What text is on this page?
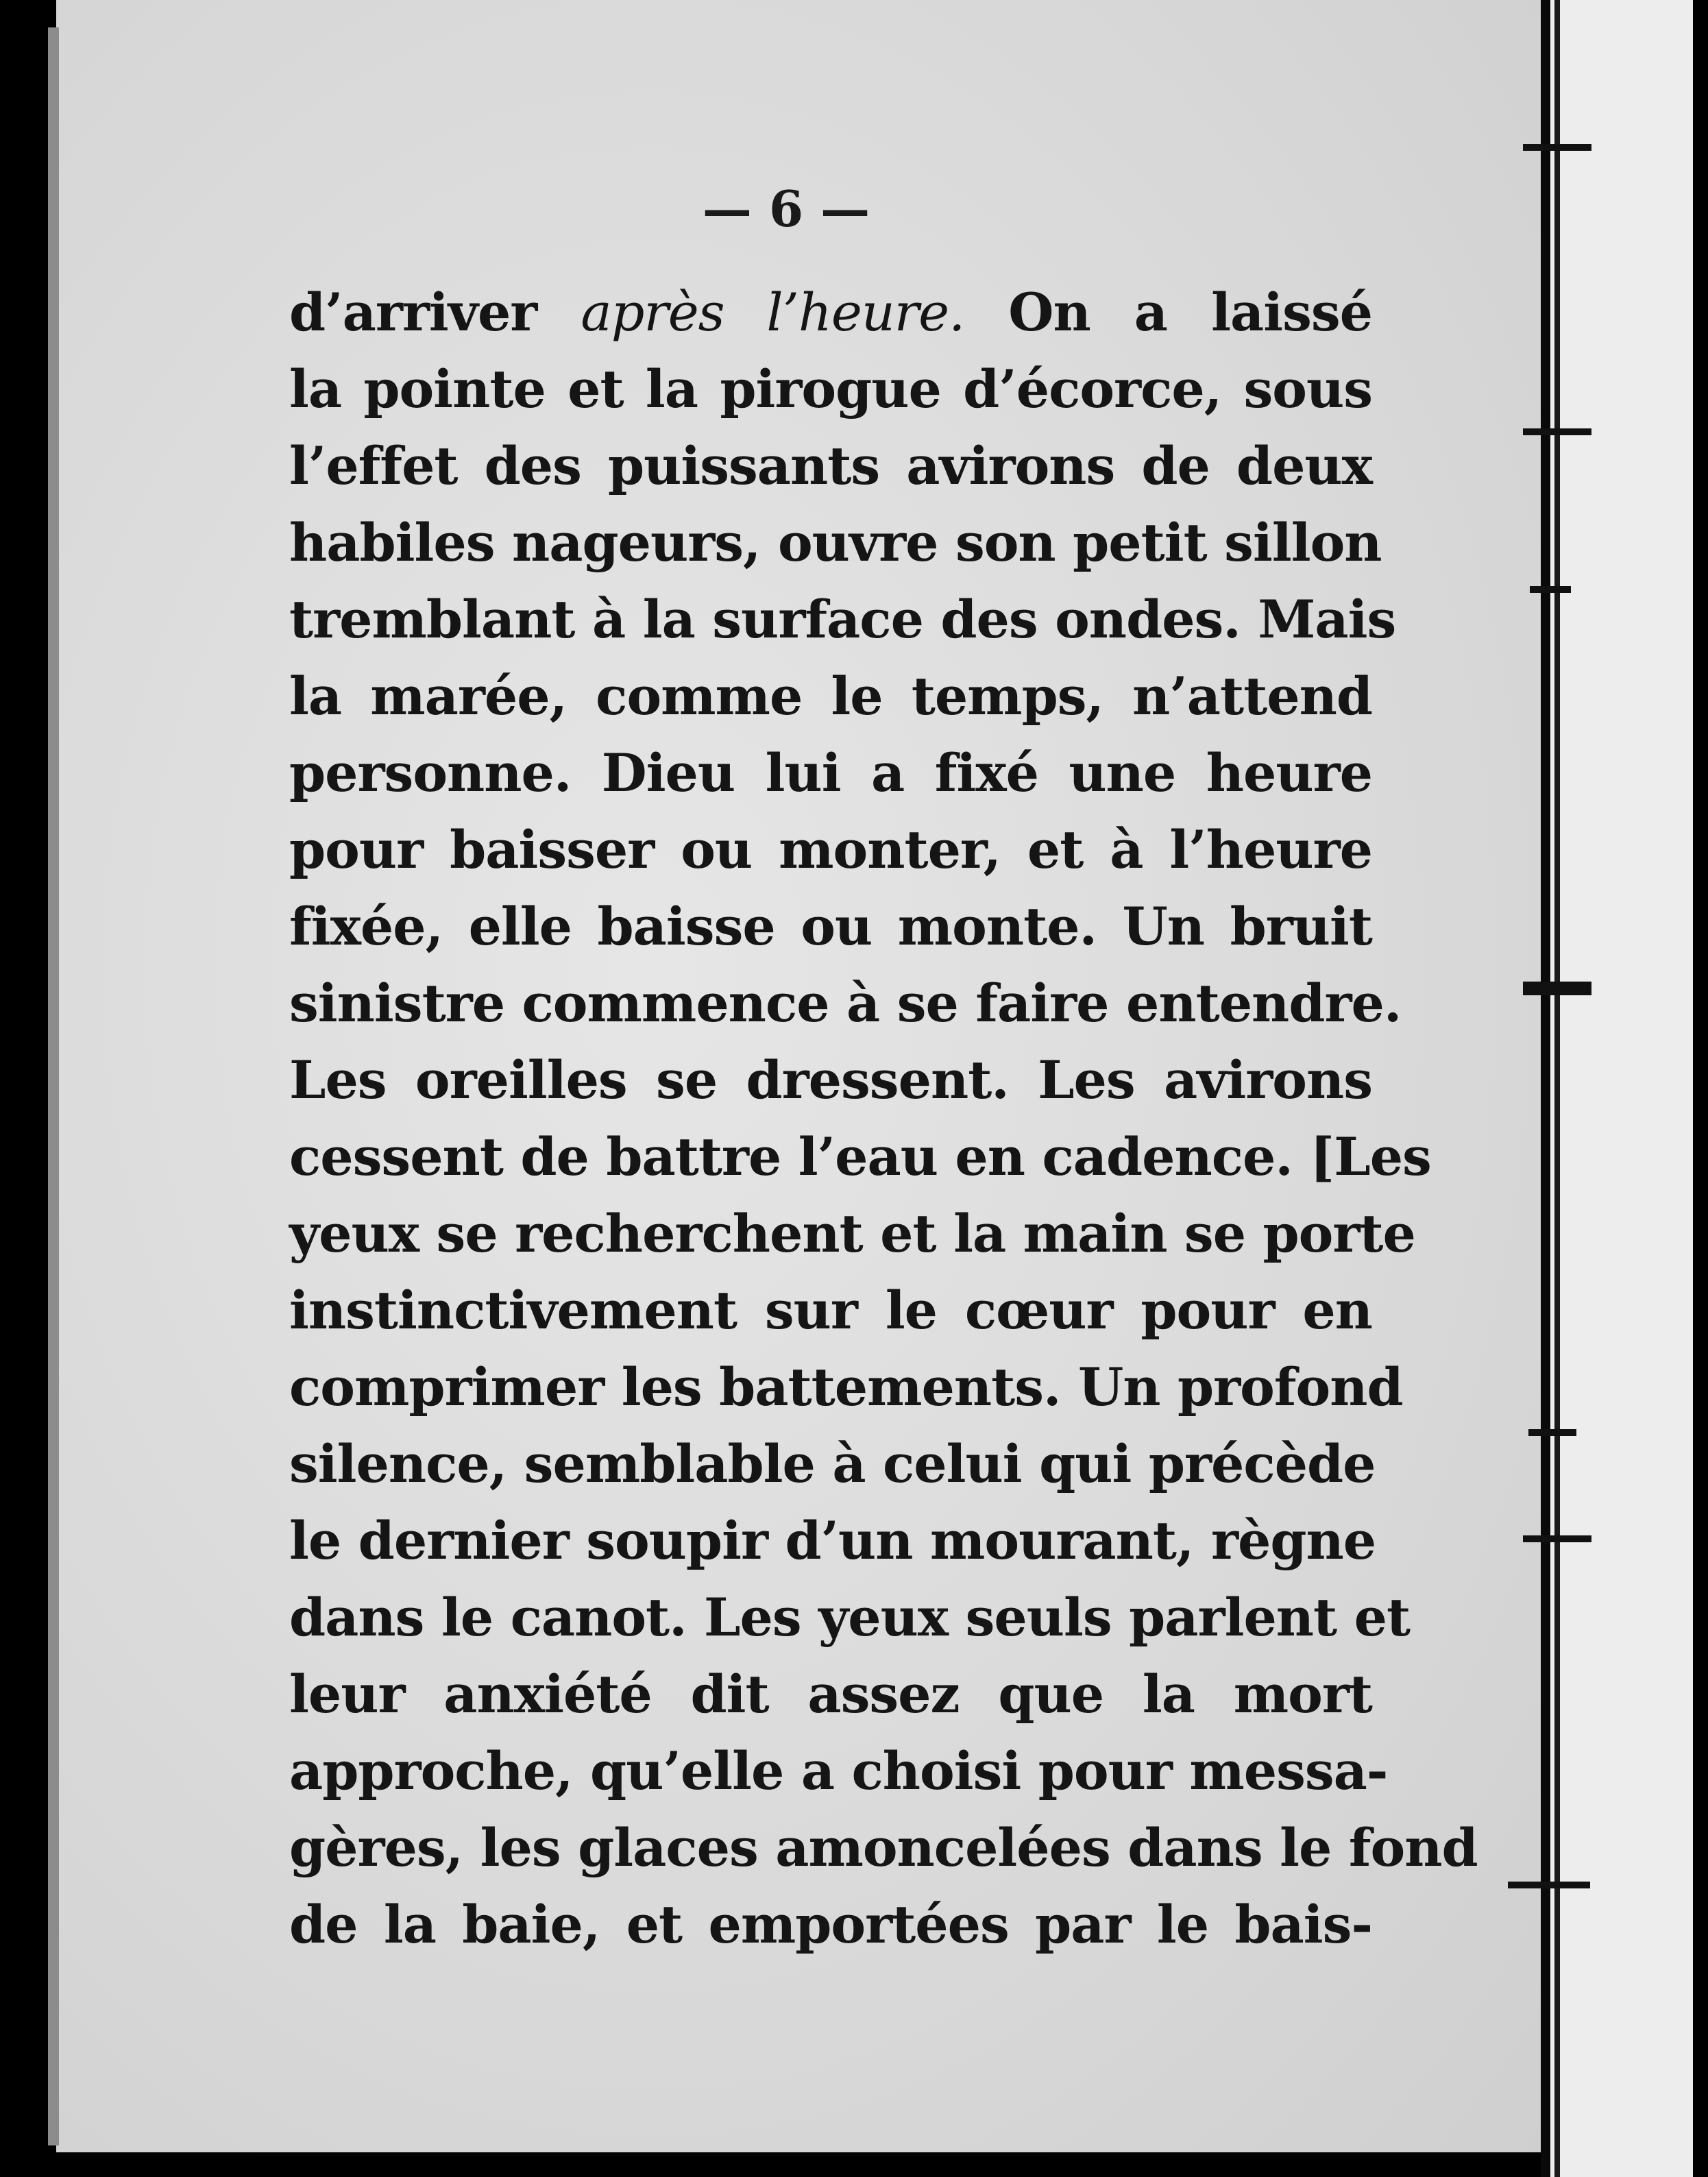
— 6 —
d’arriver après l’heure. On a laissé
la pointe et la pirogue d’écorce, sous
l’effet des puissants avirons de deux
habiles nageurs, ouvre son petit sillon
tremblant à la surface des ondes. Mais
la marée, comme le temps, n’attend
personne. Dieu lui a fixé une heure
pour baisser ou monter, et à l’heure
fixée, elle baisse ou monte. Un bruit
sinistre commence à se faire entendre.
Les oreilles se dressent. Les avirons
cessent de battre l’eau en cadence. [Les
yeux se recherchent et la main se porte
instinctivement sur le cœur pour en
comprimer les battements. Un profond
silence, semblable à celui qui précède
le dernier soupir d’un mourant, règne
dans le canot. Les yeux seuls parlent et
leur anxiété dit assez que la mort
approche, qu’elle a choisi pour messa-
gères, les glaces amoncelées dans le fond
de la baie, et emportées par le bais-
